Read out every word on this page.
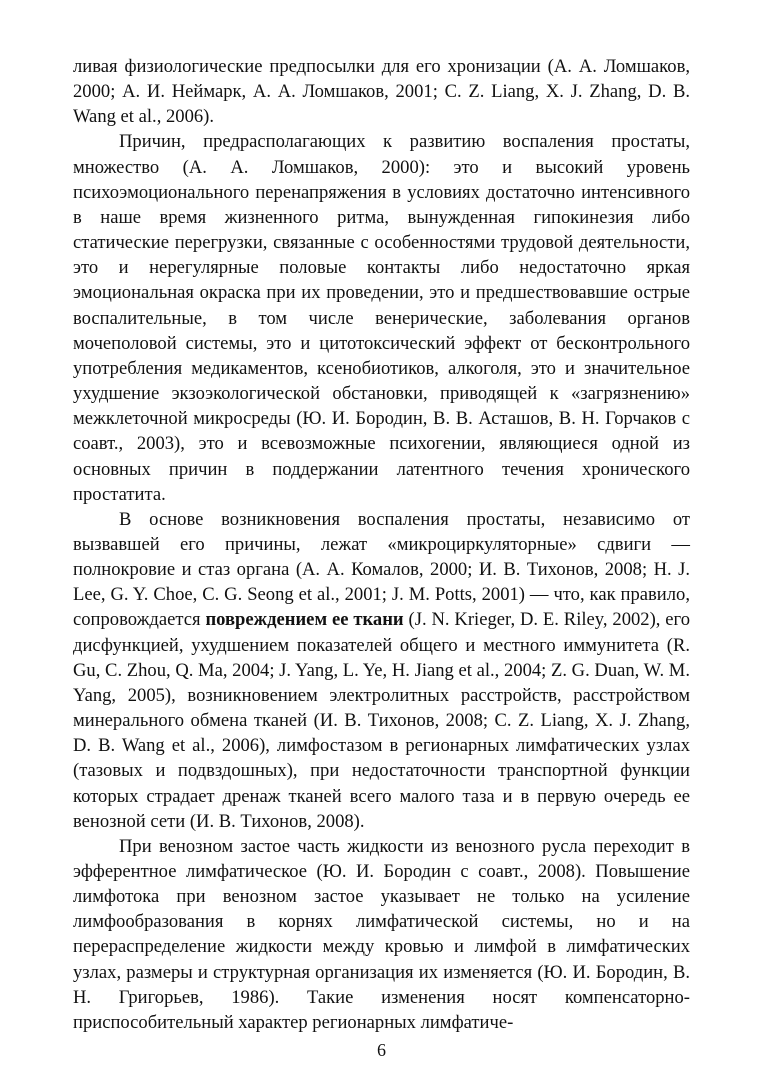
ливая физиологические предпосылки для его хронизации (А. А. Ломшаков, 2000; А. И. Неймарк, А. А. Ломшаков, 2001; C. Z. Liang, X. J. Zhang, D. B. Wang et al., 2006).

Причин, предрасполагающих к развитию воспаления простаты, множество (А. А. Ломшаков, 2000): это и высокий уровень психоэмоционального перенапряжения в условиях достаточно интенсивного в наше время жизненного ритма, вынужденная гипокинезия либо статические перегрузки, связанные с особенностями трудовой деятельности, это и нерегулярные половые контакты либо недостаточно яркая эмоциональная окраска при их проведении, это и предшествовавшие острые воспалительные, в том числе венерические, заболевания органов мочеполовой системы, это и цитотоксический эффект от бесконтрольного употребления медикаментов, ксенобиотиков, алкоголя, это и значительное ухудшение экзоэкологической обстановки, приводящей к «загрязнению» межклеточной микросреды (Ю. И. Бородин, В. В. Асташов, В. Н. Горчаков с соавт., 2003), это и всевозможные психогении, являющиеся одной из основных причин в поддержании латентного течения хронического простатита.

В основе возникновения воспаления простаты, независимо от вызвавшей его причины, лежат «микроциркуляторные» сдвиги — полнокровие и стаз органа (А. А. Комалов, 2000; И. В. Тихонов, 2008; H. J. Lee, G. Y. Choe, C. G. Seong et al., 2001; J. M. Potts, 2001) — что, как правило, сопровождается повреждением ее ткани (J. N. Krieger, D. E. Riley, 2002), его дисфункцией, ухудшением показателей общего и местного иммунитета (R. Gu, C. Zhou, Q. Ma, 2004; J. Yang, L. Ye, H. Jiang et al., 2004; Z. G. Duan, W. M. Yang, 2005), возникновением электролитных расстройств, расстройством минерального обмена тканей (И. В. Тихонов, 2008; C. Z. Liang, X. J. Zhang, D. B. Wang et al., 2006), лимфостазом в регионарных лимфатических узлах (тазовых и подвздошных), при недостаточности транспортной функции которых страдает дренаж тканей всего малого таза и в первую очередь ее венозной сети (И. В. Тихонов, 2008).

При венозном застое часть жидкости из венозного русла переходит в эфферентное лимфатическое (Ю. И. Бородин с соавт., 2008). Повышение лимфотока при венозном застое указывает не только на усиление лимфообразования в корнях лимфатической системы, но и на перераспределение жидкости между кровью и лимфой в лимфатических узлах, размеры и структурная организация их изменяется (Ю. И. Бородин, В. Н. Григорьев, 1986). Такие изменения носят компенсаторно-приспособительный характер регионарных лимфатиче-

6
